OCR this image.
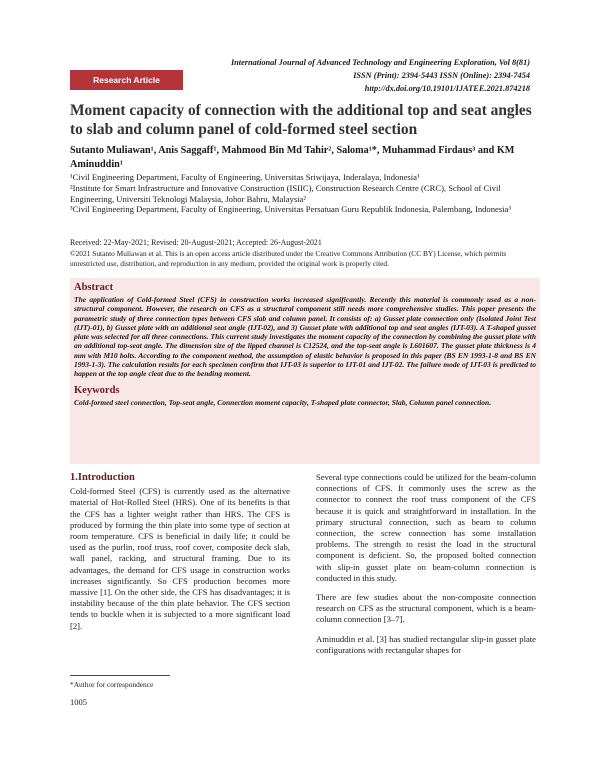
International Journal of Advanced Technology and Engineering Exploration, Vol 8(81)
ISSN (Print): 2394-5443 ISSN (Online): 2394-7454
http://dx.doi.org/10.19101/IJATEE.2021.874218
Research Article
Moment capacity of connection with the additional top and seat angles to slab and column panel of cold-formed steel section
Sutanto Muliawan¹, Anis Saggaff¹, Mahmood Bin Md Tahir², Saloma¹*, Muhammad Firdaus³ and KM Aminuddin¹
¹Civil Engineering Department, Faculty of Engineering, Universitas Sriwijaya, Inderalaya, Indonesia¹
²Institute for Smart Infrastructure and Innovative Construction (ISIIC), Construction Research Centre (CRC), School of Civil Engineering, Universiti Teknologi Malaysia, Johor Bahru, Malaysia²
³Civil Engineering Department, Faculty of Engineering, Universitas Persatuan Guru Republik Indonesia, Palembang, Indonesia³
Received: 22-May-2021; Revised: 20-August-2021; Accepted: 26-August-2021
©2021 Sutanto Muliawan et al. This is an open access article distributed under the Creative Commons Attribution (CC BY) License, which permits unrestricted use, distribution, and reproduction in any medium, provided the original work is properly cited.
Abstract
The application of Cold-formed Steel (CFS) in construction works increased significantly. Recently this material is commonly used as a non-structural component. However, the research on CFS as a structural component still needs more comprehensive studies. This paper presents the parametric study of three connection types between CFS slab and column panel. It consists of: a) Gusset plate connection only (Isolated Joint Test (IJT)-01), b) Gusset plate with an additional seat angle (IJT-02), and 3) Gusset plate with additional top and seat angles (IJT-03). A T-shaped gusset plate was selected for all three connections. This current study investigates the moment capacity of the connection by combining the gusset plate with an additional top-seat angle. The dimension size of the lipped channel is C12524, and the top-seat angle is L601607. The gusset plate thickness is 4 mm with M10 bolts. According to the component method, the assumption of elastic behavior is proposed in this paper (BS EN 1993-1-8 and BS EN 1993-1-3). The calculation results for each specimen confirm that IJT-03 is superior to IJT-01 and IJT-02. The failure mode of IJT-03 is predicted to happen at the top angle cleat due to the bending moment.
Keywords
Cold-formed steel connection, Top-seat angle, Connection moment capacity, T-shaped plate connector, Slab, Column panel connection.
1.Introduction

Cold-formed Steel (CFS) is currently used as the alternative material of Hot-Rolled Steel (HRS). One of its benefits is that the CFS has a lighter weight rather than HRS. The CFS is produced by forming the thin plate into some type of section at room temperature. CFS is beneficial in daily life; it could be used as the purlin, roof truss, roof cover, composite deck slab, wall panel, racking, and structural framing. Due to its advantages, the demand for CFS usage in construction works increases significantly. So CFS production becomes more massive [1]. On the other side, the CFS has disadvantages; it is instability because of the thin plate behavior. The CFS section tends to buckle when it is subjected to a more significant load [2].

Several type connections could be utilized for the beam-column connections of CFS. It commonly uses the screw as the connector to connect the roof truss component of the CFS because it is quick and straightforward in installation. In the primary structural connection, such as beam to column connection, the screw connection has some installation problems. The strength to resist the load in the structural component is deficient. So, the proposed bolted connection with slip-in gusset plate on beam-column connection is conducted in this study.

There are few studies about the non-composite connection research on CFS as the structural component, which is a beam-column connection [3–7].

Aminuddin et al. [3] has studied rectangular slip-in gusset plate configurations with rectangular shapes for

*Author for correspondence
1005
